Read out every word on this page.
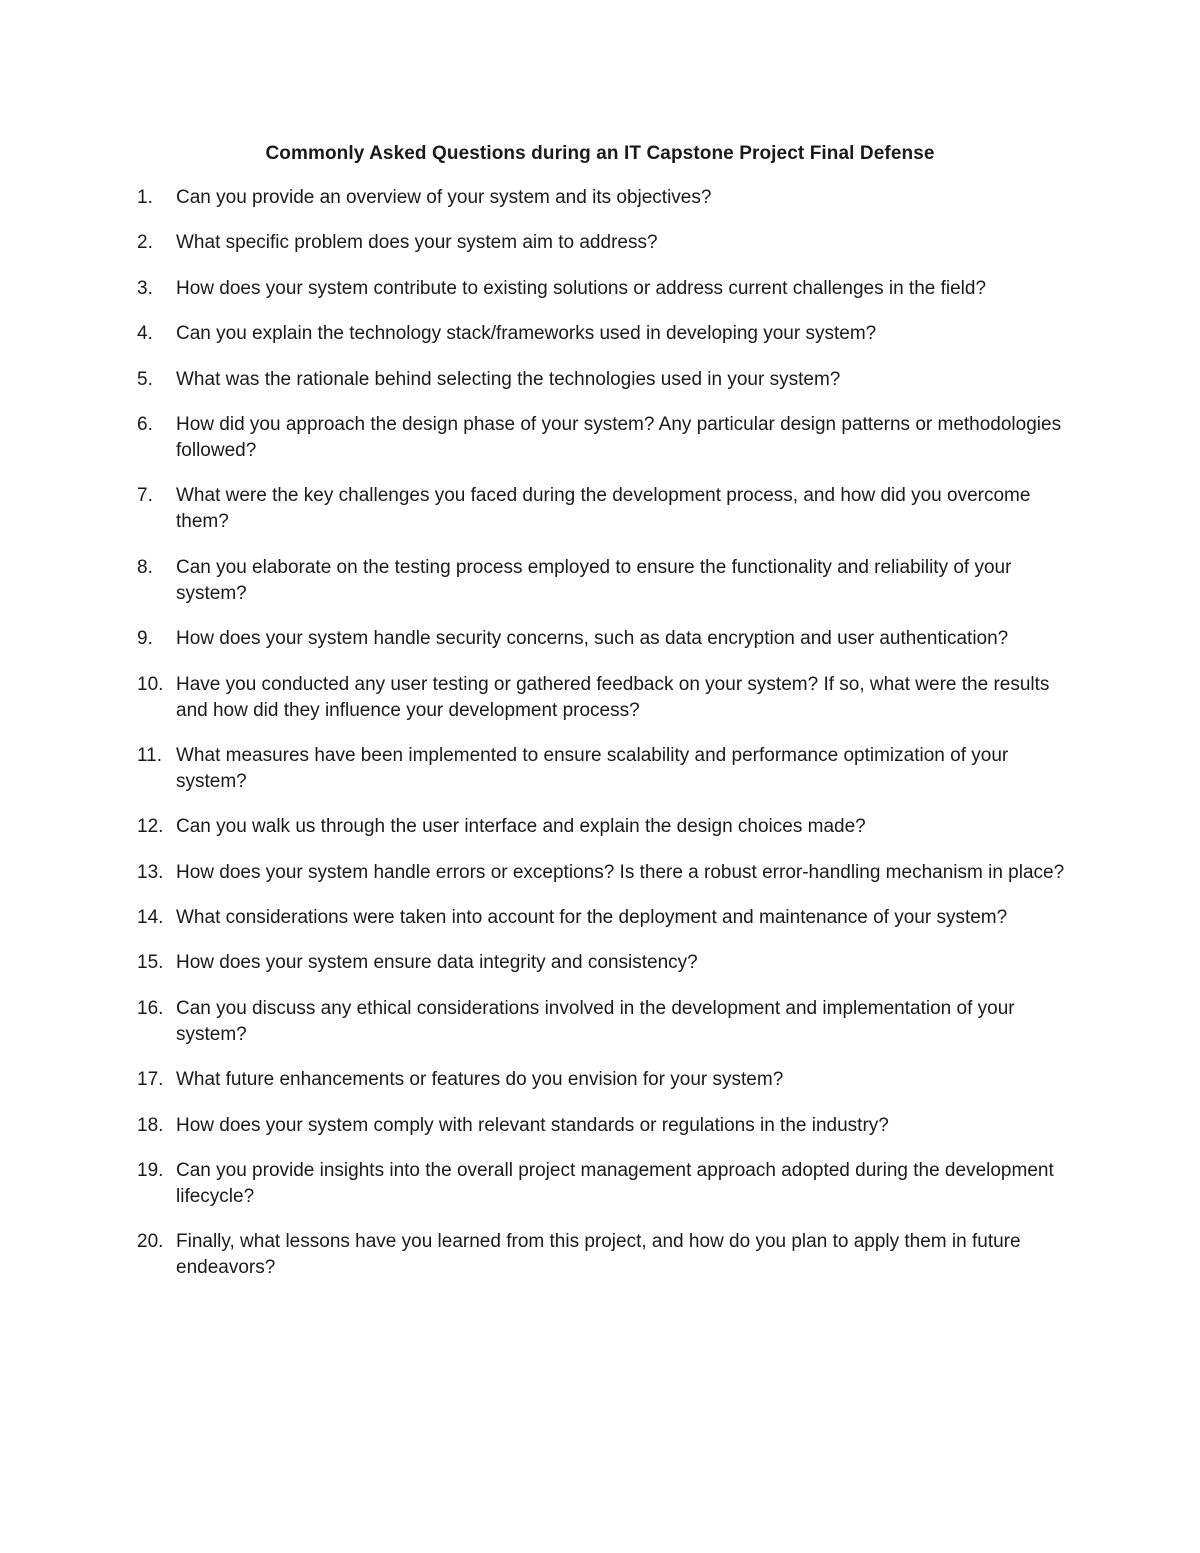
Commonly Asked Questions during an IT Capstone Project Final Defense
1.	Can you provide an overview of your system and its objectives?
2.	What specific problem does your system aim to address?
3.	How does your system contribute to existing solutions or address current challenges in the field?
4.	Can you explain the technology stack/frameworks used in developing your system?
5.	What was the rationale behind selecting the technologies used in your system?
6.	How did you approach the design phase of your system? Any particular design patterns or methodologies followed?
7.	What were the key challenges you faced during the development process, and how did you overcome them?
8.	Can you elaborate on the testing process employed to ensure the functionality and reliability of your system?
9.	How does your system handle security concerns, such as data encryption and user authentication?
10. Have you conducted any user testing or gathered feedback on your system? If so, what were the results and how did they influence your development process?
11. What measures have been implemented to ensure scalability and performance optimization of your system?
12. Can you walk us through the user interface and explain the design choices made?
13. How does your system handle errors or exceptions? Is there a robust error-handling mechanism in place?
14. What considerations were taken into account for the deployment and maintenance of your system?
15. How does your system ensure data integrity and consistency?
16. Can you discuss any ethical considerations involved in the development and implementation of your system?
17. What future enhancements or features do you envision for your system?
18. How does your system comply with relevant standards or regulations in the industry?
19. Can you provide insights into the overall project management approach adopted during the development lifecycle?
20. Finally, what lessons have you learned from this project, and how do you plan to apply them in future endeavors?
